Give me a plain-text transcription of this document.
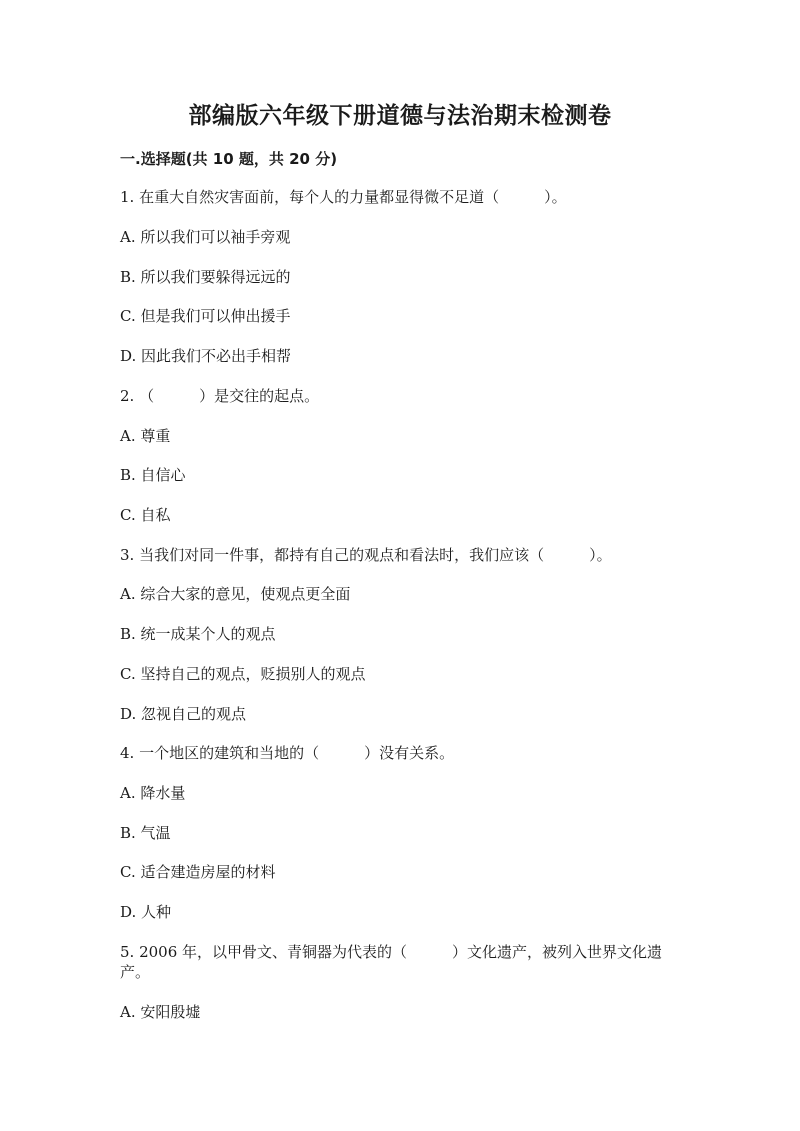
部编版六年级下册道德与法治期末检测卷
一.选择题(共 10 题，共 20 分)
1. 在重大自然灾害面前，每个人的力量都显得微不足道（　　　）。
A. 所以我们可以袖手旁观
B. 所以我们要躲得远远的
C. 但是我们可以伸出援手
D. 因此我们不必出手相帮
2. （　　　）是交往的起点。
A. 尊重
B. 自信心
C. 自私
3. 当我们对同一件事，都持有自己的观点和看法时，我们应该（　　　）。
A. 综合大家的意见，使观点更全面
B. 统一成某个人的观点
C. 坚持自己的观点，贬损别人的观点
D. 忽视自己的观点
4. 一个地区的建筑和当地的（　　　）没有关系。
A. 降水量
B. 气温
C. 适合建造房屋的材料
D. 人种
5. 2006 年，以甲骨文、青铜器为代表的（　　　）文化遗产，被列入世界文化遗产。
A. 安阳殷墟
